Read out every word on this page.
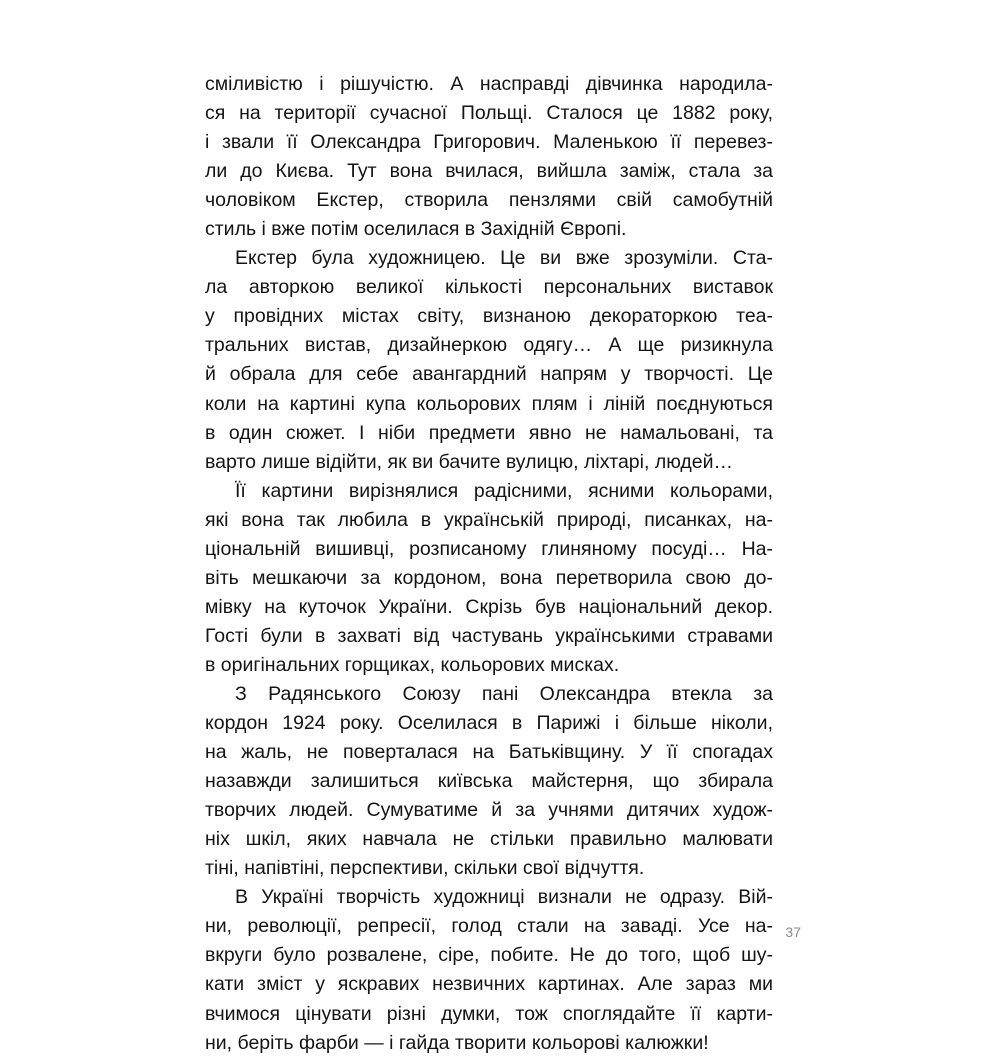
сміливістю і рішучістю. А насправді дівчинка народила-
ся на території сучасної Польщі. Сталося це 1882 року,
і звали її Олександра Григорович. Маленькою її перевез-
ли до Києва. Тут вона вчилася, вийшла заміж, стала за
чоловіком Екстер, створила пензлями свій самобутній
стиль і вже потім оселилася в Західній Європі.
Екстер була художницею. Це ви вже зрозуміли. Ста-
ла авторкою великої кількості персональних виставок
у провідних містах світу, визнаною декораторкою теа-
тральних вистав, дизайнеркою одягу… А ще ризикнула
й обрала для себе авангардний напрям у творчості. Це
коли на картині купа кольорових плям і ліній поєднуються
в один сюжет. І ніби предмети явно не намальовані, та
варто лише відійти, як ви бачите вулицю, ліхтарі, людей…
Її картини вирізнялися радісними, ясними кольорами,
які вона так любила в українській природі, писанках, на-
ціональній вишивці, розписаному глиняному посуді… На-
віть мешкаючи за кордоном, вона перетворила свою до-
мівку на куточок України. Скрізь був національний декор.
Гості були в захваті від частувань українськими стравами
в оригінальних горщиках, кольорових мисках.
З Радянського Союзу пані Олександра втекла за
кордон 1924 року. Оселилася в Парижі і більше ніколи,
на жаль, не поверталася на Батьківщину. У її спогадах
назавжди залишиться київська майстерня, що збирала
творчих людей. Сумуватиме й за учнями дитячих худож-
ніх шкіл, яких навчала не стільки правильно малювати
тіні, напівтіні, перспективи, скільки свої відчуття.
В Україні творчість художниці визнали не одразу. Вій-
ни, революції, репресії, голод стали на заваді. Усе на-
вкруги було розвалене, сіре, побите. Не до того, щоб шу-
кати зміст у яскравих незвичних картинах. Але зараз ми
вчимося цінувати різні думки, тож споглядайте її карти-
ни, беріть фарби — і гайда творити кольорові калюжки!
37
